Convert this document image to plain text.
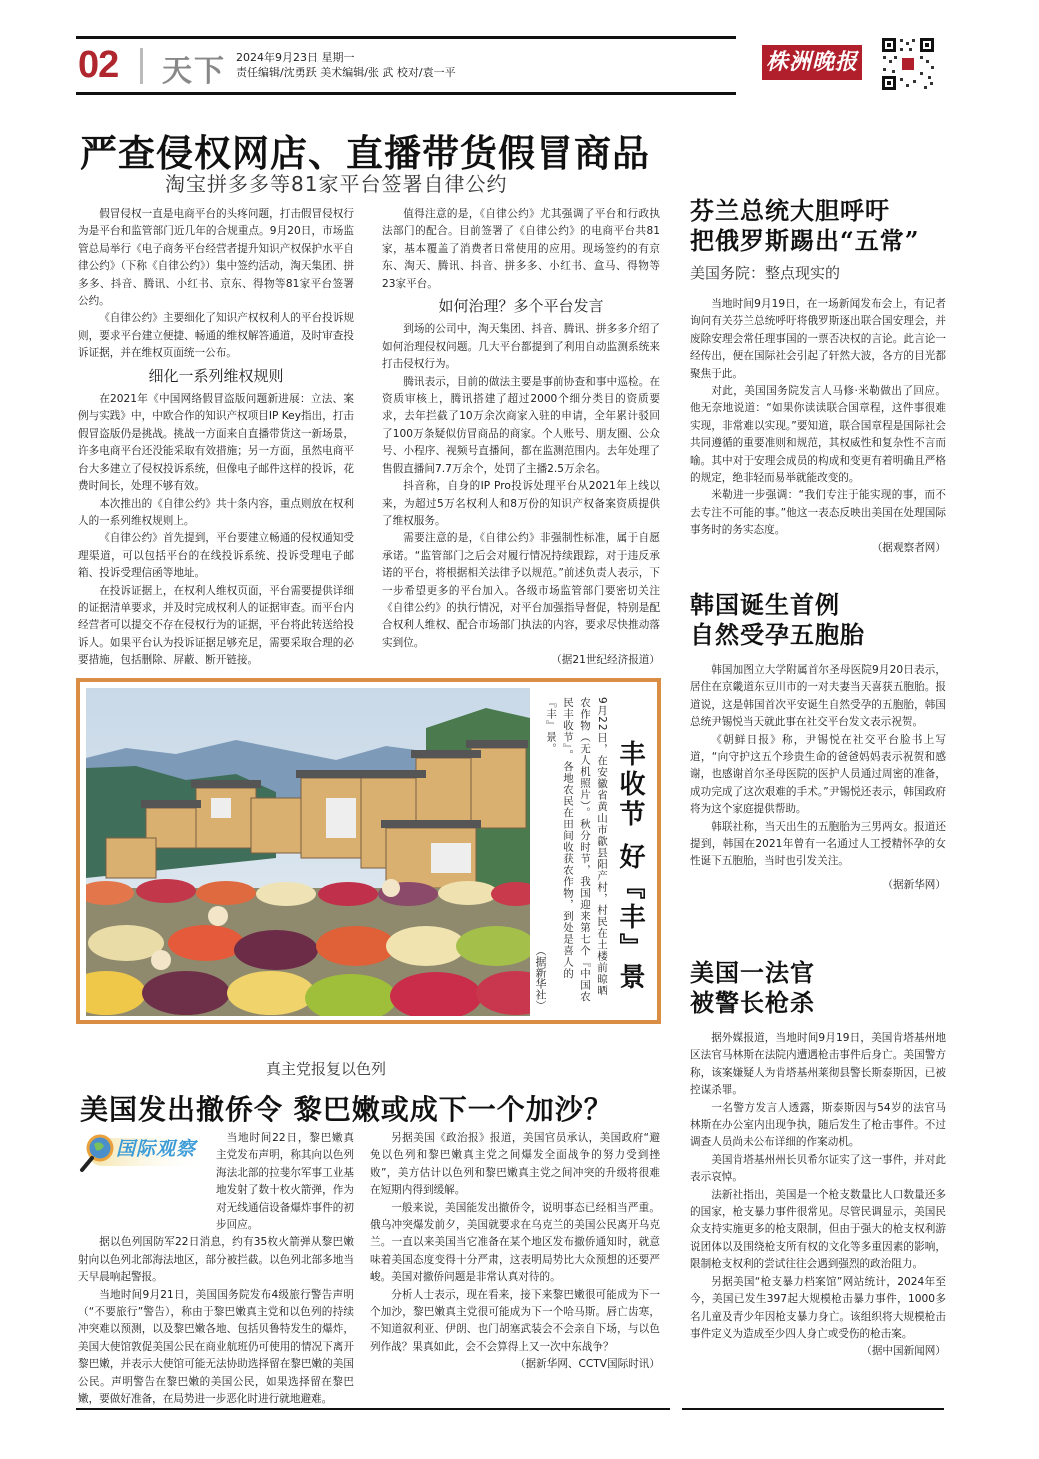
02 天下 2024年9月23日 星期一
责任编辑/沈勇跃 美术编辑/张 武 校对/袁一平	株洲晚报
严查侵权网店、直播带货假冒商品
淘宝拼多多等81家平台签署自律公约

假冒侵权一直是电商平台的头疼问题，打击假冒侵权行为是平台和监管部门近几年的合规重点。9月20日，市场监管总局举行《电子商务平台经营者提升知识产权保护水平自律公约》（下称《自律公约》）集中签约活动，淘天集团、拼多多、抖音、腾讯、小红书、京东、得物等81家平台签署公约。

《自律公约》主要细化了知识产权权利人的平台投诉规则，要求平台建立便捷、畅通的维权解答通道，及时审查投诉证据，并在维权页面统一公布。

细化一系列维权规则

在2021年《中国网络假冒盗版问题新进展：立法、案例与实践》中，中欧合作的知识产权项目IP Key指出，打击假冒盗版仍是挑战。挑战一方面来自直播带货这一新场景，许多电商平台还没能采取有效措施；另一方面，虽然电商平台大多建立了侵权投诉系统，但像电子邮件这样的投诉，花费时间长，处理不够有效。

本次推出的《自律公约》共十条内容，重点则放在权利人的一系列维权规则上。

《自律公约》首先提到，平台要建立畅通的侵权通知受理渠道，可以包括平台的在线投诉系统、投诉受理电子邮箱、投诉受理信函等地址。

在投诉证据上，在权利人维权页面，平台需要提供详细的证据清单要求，并及时完成权利人的证据审查。而平台内经营者可以提交不存在侵权行为的证据，平台将此转送给投诉人。如果平台认为投诉证据足够充足，需要采取合理的必要措施，包括删除、屏蔽、断开链接。

值得注意的是，《自律公约》尤其强调了平台和行政执法部门的配合。目前签署了《自律公约》的电商平台共81家，基本覆盖了消费者日常使用的应用。现场签约的有京东、淘天、腾讯、抖音、拼多多、小红书、盒马、得物等23家平台。

如何治理？多个平台发言

到场的公司中，淘天集团、抖音、腾讯、拼多多介绍了如何治理侵权问题。几大平台都提到了利用自动监测系统来打击侵权行为。

腾讯表示，目前的做法主要是事前协查和事中巡检。在资质审核上，腾讯搭建了超过2000个细分类目的资质要求，去年拦截了10万余次商家入驻的申请，全年累计驳回了100万条疑似仿冒商品的商家。个人账号、朋友圈、公众号、小程序、视频号直播间，都在监测范围内。去年处理了售假直播间7.7万余个，处罚了主播2.5万余名。

抖音称，自身的IP Pro投诉处理平台从2021年上线以来，为超过5万名权利人和8万份的知识产权备案资质提供了维权服务。

需要注意的是，《自律公约》非强制性标准，属于自愿承诺。“监管部门之后会对履行情况持续跟踪，对于违反承诺的平台，将根据相关法律予以规范。”前述负责人表示，下一步希望更多的平台加入。各级市场监管部门要密切关注《自律公约》的执行情况，对平台加强指导督促，特别是配合权利人维权、配合市场部门执法的内容，要求尽快推动落实到位。

（据21世纪经济报道）

丰收节 好『丰』景
9月22日，在安徽省黄山市歙县阳产村，村民在土楼前晾晒农作物（无人机照片）。秋分时节，我国迎来第七个『中国农民丰收节』。各地农民在田间收获农作物，到处是喜人的『丰』景。
（据新华社）
真主党报复以色列
美国发出撤侨令 黎巴嫩或成下一个加沙？
国际观察	当地时间22日，黎巴嫩真主党发布声明，称其向以色列海法北部的拉斐尔军事工业基地发射了数十枚火箭弹，作为对无线通信设备爆炸事件的初步回应。

据以色列国防军22日消息，约有35枚火箭弹从黎巴嫩射向以色列北部海法地区，部分被拦截。以色列北部多地当天早晨响起警报。

当地时间9月21日，美国国务院发布4级旅行警告声明（“不要旅行”警告），称由于黎巴嫩真主党和以色列的持续冲突难以预测，以及黎巴嫩各地、包括贝鲁特发生的爆炸，美国大使馆敦促美国公民在商业航班仍可使用的情况下离开黎巴嫩，并表示大使馆可能无法协助选择留在黎巴嫩的美国公民。声明警告在黎巴嫩的美国公民，如果选择留在黎巴嫩，要做好准备，在局势进一步恶化时进行就地避难。

另据美国《政治报》报道，美国官员承认，美国政府“避免以色列和黎巴嫩真主党之间爆发全面战争的努力受到挫败”，美方估计以色列和黎巴嫩真主党之间冲突的升级将很难在短期内得到缓解。

一般来说，美国能发出撤侨令，说明事态已经相当严重。俄乌冲突爆发前夕，美国就要求在乌克兰的美国公民离开乌克兰。一直以来美国当它准备在某个地区发布撤侨通知时，就意味着美国态度变得十分严肃，这表明局势比大众预想的还要严峻。美国对撤侨问题是非常认真对待的。

分析人士表示，现在看来，接下来黎巴嫩很可能成为下一个加沙，黎巴嫩真主党很可能成为下一个哈马斯。唇亡齿寒，不知道叙利亚、伊朗、也门胡塞武装会不会亲自下场，与以色列作战？果真如此，会不会算得上又一次中东战争？

（据新华网、CCTV国际时讯）

芬兰总统大胆呼吁
把俄罗斯踢出“五常”
美国务院：整点现实的

当地时间9月19日，在一场新闻发布会上，有记者询问有关芬兰总统呼吁将俄罗斯逐出联合国安理会，并废除安理会常任理事国的一票否决权的言论。此言论一经传出，便在国际社会引起了轩然大波，各方的目光都聚焦于此。

对此，美国国务院发言人马修·米勒做出了回应。他无奈地说道：“如果你读读联合国章程，这件事很难实现，非常难以实现。”要知道，联合国章程是国际社会共同遵循的重要准则和规范，其权威性和复杂性不言而喻。其中对于安理会成员的构成和变更有着明确且严格的规定，绝非轻而易举就能改变的。

米勒进一步强调：“我们专注于能实现的事，而不去专注不可能的事。”他这一表态反映出美国在处理国际事务时的务实态度。

（据观察者网）

韩国诞生首例
自然受孕五胞胎

韩国加图立大学附属首尔圣母医院9月20日表示，居住在京畿道东豆川市的一对夫妻当天喜获五胞胎。报道说，这是韩国首次平安诞生自然受孕的五胞胎，韩国总统尹锡悦当天就此事在社交平台发文表示祝贺。

《朝鲜日报》称，尹锡悦在社交平台脸书上写道，“向守护这五个珍贵生命的爸爸妈妈表示祝贺和感谢，也感谢首尔圣母医院的医护人员通过周密的准备，成功完成了这次艰难的手术。”尹锡悦还表示，韩国政府将为这个家庭提供帮助。

韩联社称，当天出生的五胞胎为三男两女。报道还提到，韩国在2021年曾有一名通过人工授精怀孕的女性诞下五胞胎，当时也引发关注。

（据新华网）

美国一法官
被警长枪杀

据外媒报道，当地时间9月19日，美国肯塔基州地区法官马林斯在法院内遭遇枪击事件后身亡。美国警方称，该案嫌疑人为肯塔基州莱彻县警长斯泰斯因，已被控谋杀罪。

一名警方发言人透露，斯泰斯因与54岁的法官马林斯在办公室内出现争执，随后发生了枪击事件。不过调查人员尚未公布详细的作案动机。

美国肯塔基州州长贝希尔证实了这一事件，并对此表示哀悼。

法新社指出，美国是一个枪支数量比人口数量还多的国家，枪支暴力事件很常见。尽管民调显示，美国民众支持实施更多的枪支限制，但由于强大的枪支权利游说团体以及围绕枪支所有权的文化等多重因素的影响，限制枪支权利的尝试往往会遇到强烈的政治阻力。

另据美国“枪支暴力档案馆”网站统计，2024年至今，美国已发生397起大规模枪击暴力事件，1000多名儿童及青少年因枪支暴力身亡。该组织将大规模枪击事件定义为造成至少四人身亡或受伤的枪击案。

（据中国新闻网）
